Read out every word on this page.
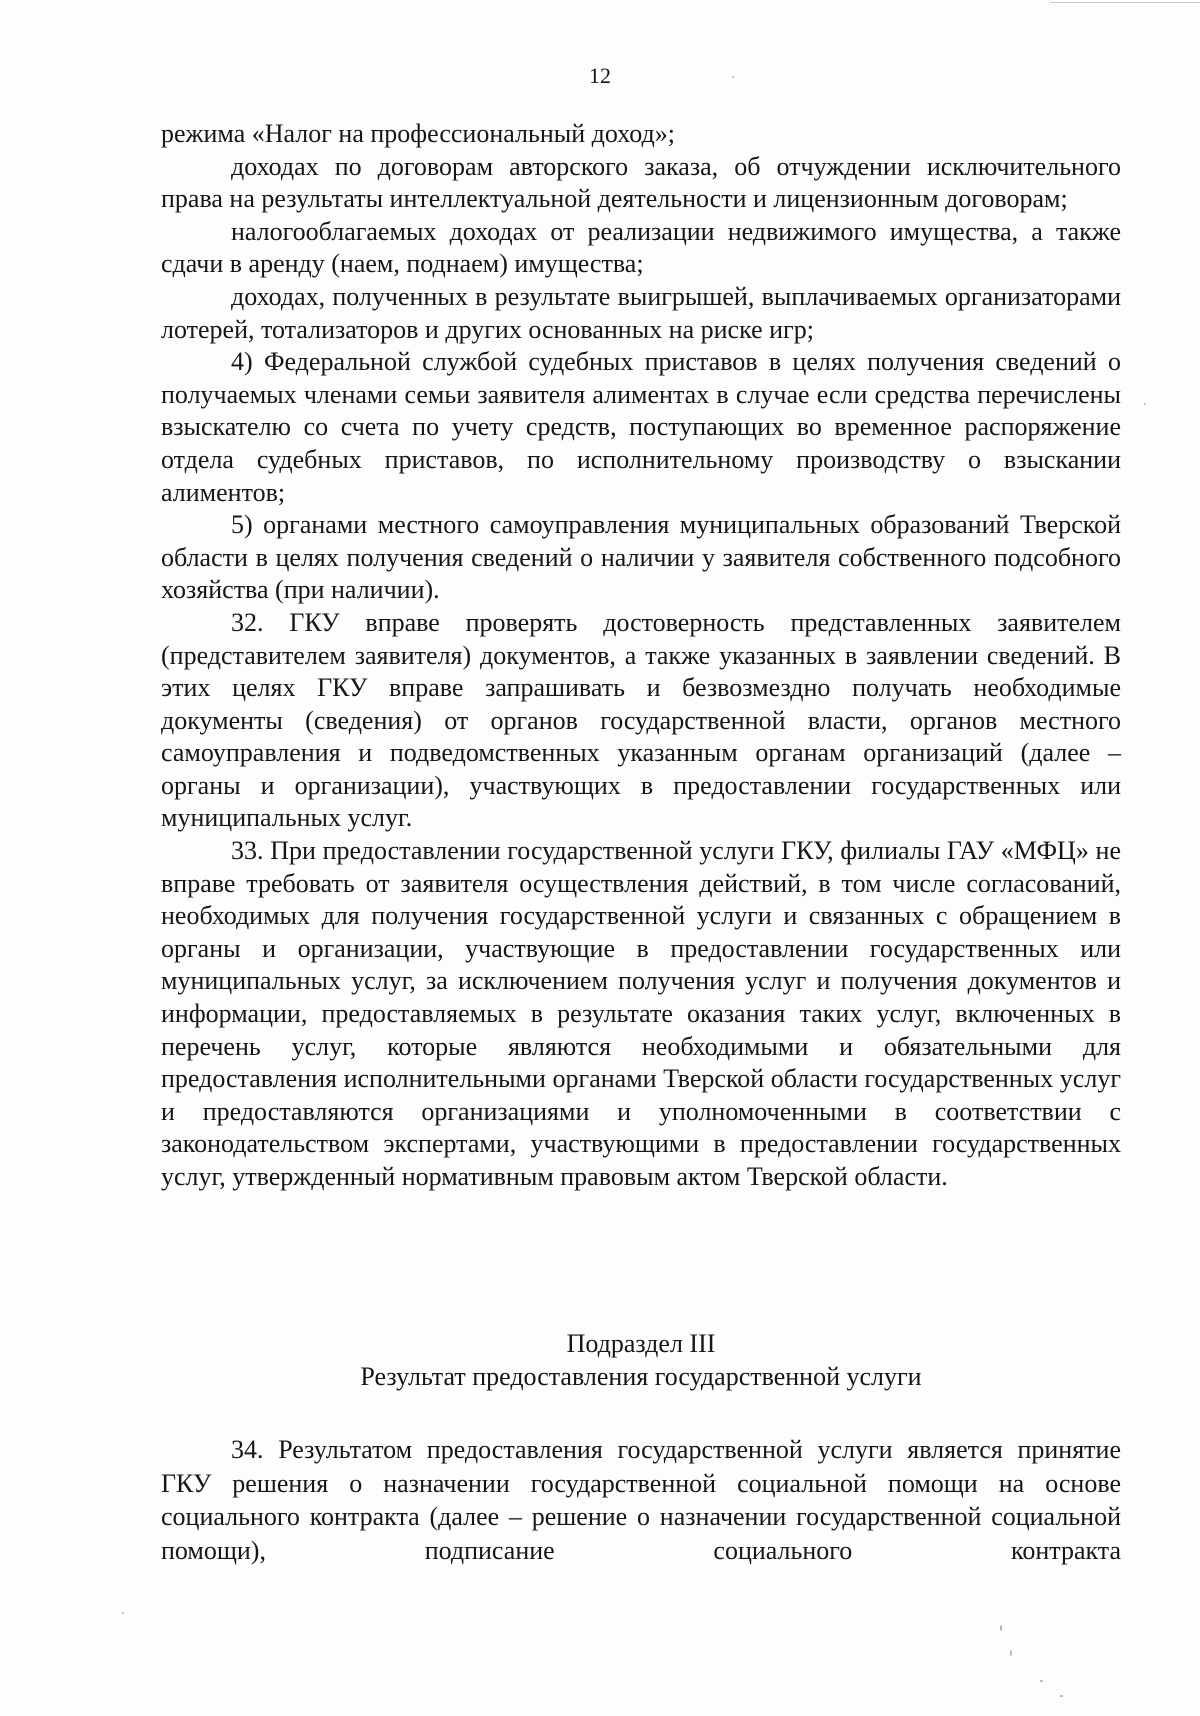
12

режима «Налог на профессиональный доход»;

доходах по договорам авторского заказа, об отчуждении исключительного права на результаты интеллектуальной деятельности и лицензионным договорам;

налогооблагаемых доходах от реализации недвижимого имущества, а также сдачи в аренду (наем, поднаем) имущества;

доходах, полученных в результате выигрышей, выплачиваемых организаторами лотерей, тотализаторов и других основанных на риске игр;

4) Федеральной службой судебных приставов в целях получения сведений о получаемых членами семьи заявителя алиментах в случае если средства перечислены взыскателю со счета по учету средств, поступающих во временное распоряжение отдела судебных приставов, по исполнительному производству о взыскании алиментов;

5) органами местного самоуправления муниципальных образований Тверской области в целях получения сведений о наличии у заявителя собственного подсобного хозяйства (при наличии).

32. ГКУ вправе проверять достоверность представленных заявителем (представителем заявителя) документов, а также указанных в заявлении сведений. В этих целях ГКУ вправе запрашивать и безвозмездно получать необходимые документы (сведения) от органов государственной власти, органов местного самоуправления и подведомственных указанным органам организаций (далее – органы и организации), участвующих в предоставлении государственных или муниципальных услуг.

33. При предоставлении государственной услуги ГКУ, филиалы ГАУ «МФЦ» не вправе требовать от заявителя осуществления действий, в том числе согласований, необходимых для получения государственной услуги и связанных с обращением в органы и организации, участвующие в предоставлении государственных или муниципальных услуг, за исключением получения услуг и получения документов и информации, предоставляемых в результате оказания таких услуг, включенных в перечень услуг, которые являются необходимыми и обязательными для предоставления исполнительными органами Тверской области государственных услуг и предоставляются организациями и уполномоченными в соответствии с законодательством экспертами, участвующими в предоставлении государственных услуг, утвержденный нормативным правовым актом Тверской области.

Подраздел III
Результат предоставления государственной услуги

34. Результатом предоставления государственной услуги является принятие ГКУ решения о назначении государственной социальной помощи на основе социального контракта (далее – решение о назначении государственной социальной помощи), подписание социального контракта
